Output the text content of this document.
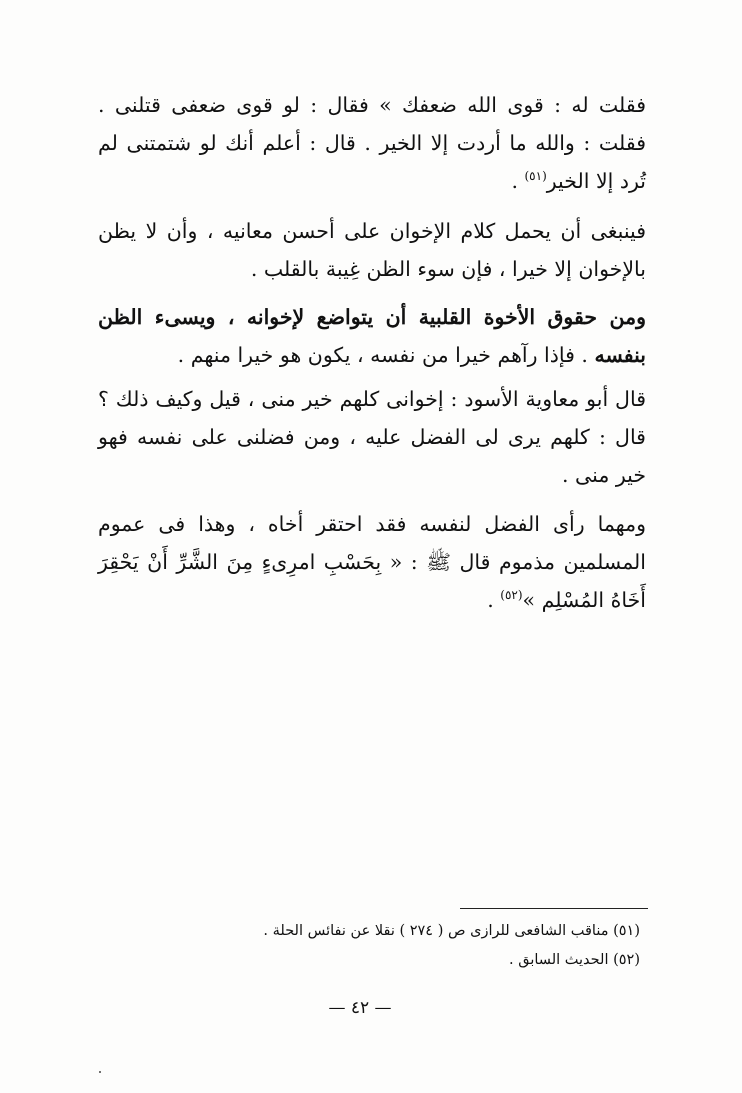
فقلت له : قوى الله ضعفك » فقال : لو قوى ضعفى قتلنى . فقلت : والله ما أردت إلا الخير . قال : أعلم أنك لو شتمتنى لم تُرد إلا الخير$^{(٥١)}$ .
فينبغى أن يحمل كلام الإخوان على أحسن معانيه ، وأن لا يظن بالإخوان إلا خيرا ، فإن سوء الظن غِيبة بالقلب .
ومن حقوق الأخوة القلبية أن يتواضع لإخوانه ، ويسىء الظن بنفسه . فإذا رآهم خيرا من نفسه ، يكون هو خيرا منهم .
قال أبو معاوية الأسود : إخوانى كلهم خير منى ، قيل وكيف ذلك ؟ قال : كلهم يرى لى الفضل عليه ، ومن فضلنى على نفسه فهو خير منى .
ومهما رأى الفضل لنفسه فقد احتقر أخاه ، وهذا فى عموم المسلمين مذموم قال ﷺ : « بِحَسْبِ امرِىءٍ مِنَ الشَّرِّ أَنْ يَحْقِرَ أَخَاهُ المُسْلِم »$^{(٥٢)}$ .
(٥١) مناقب الشافعى للرازى ص ( ٢٧٤ ) نقلا عن نفائس الحلة .
(٥٢) الحديث السابق .
— ٤٢ —
